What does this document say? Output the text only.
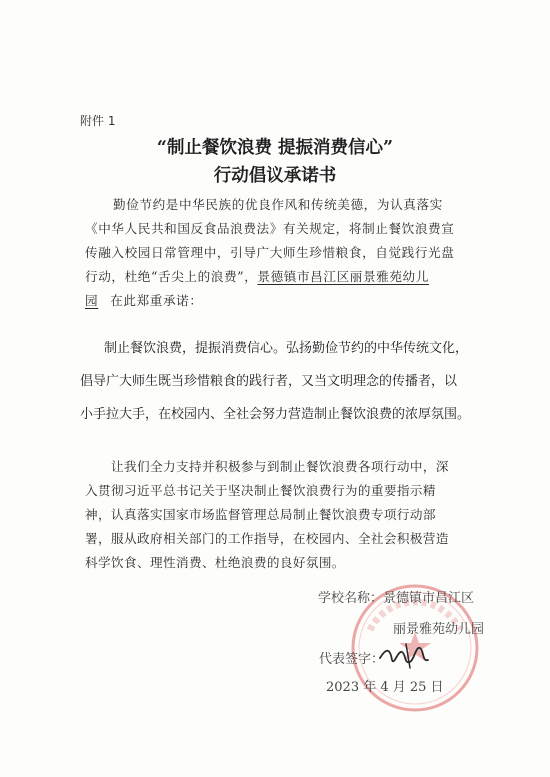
附件 1
“制止餐饮浪费 提振消费信心”
行动倡议承诺书
勤俭节约是中华民族的优良作风和传统美德，为认真落实
《中华人民共和国反食品浪费法》有关规定，将制止餐饮浪费宣
传融入校园日常管理中，引导广大师生珍惜粮食，自觉践行光盘
行动，杜绝“舌尖上的浪费”，景德镇市昌江区丽景雅苑幼儿
园 在此郑重承诺：
制止餐饮浪费，提振消费信心。弘扬勤俭节约的中华传统文化，
倡导广大师生既当珍惜粮食的践行者，又当文明理念的传播者，以
小手拉大手，在校园内、全社会努力营造制止餐饮浪费的浓厚氛围。
让我们全力支持并积极参与到制止餐饮浪费各项行动中，深
入贯彻习近平总书记关于坚决制止餐饮浪费行为的重要指示精
神，认真落实国家市场监督管理总局制止餐饮浪费专项行动部
署，服从政府相关部门的工作指导，在校园内、全社会积极营造
科学饮食、理性消费、杜绝浪费的良好氛围。
学校名称：景德镇市昌江区
丽景雅苑幼儿园
代表签字：
2023 年 4 月 25 日
